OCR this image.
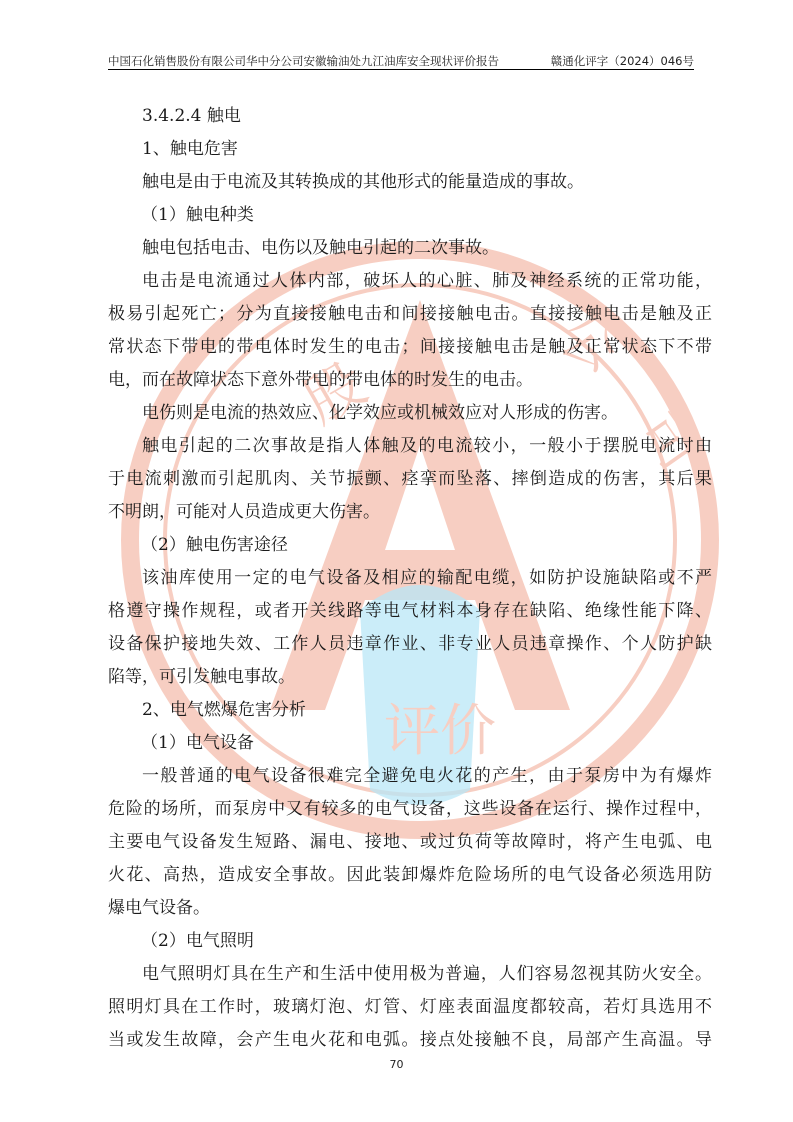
中国石化销售股份有限公司华中分公司安徽输油处九江油库安全现状评价报告	赣通化评字（2024）046号
股
公
司
评价
3.4.2.4 触电
1、触电危害
触电是由于电流及其转换成的其他形式的能量造成的事故。
（1）触电种类
触电包括电击、电伤以及触电引起的二次事故。
电击是电流通过人体内部，破坏人的心脏、肺及神经系统的正常功能，
极易引起死亡；分为直接接触电击和间接接触电击。直接接触电击是触及正
常状态下带电的带电体时发生的电击；间接接触电击是触及正常状态下不带
电，而在故障状态下意外带电的带电体的时发生的电击。
电伤则是电流的热效应、化学效应或机械效应对人形成的伤害。
触电引起的二次事故是指人体触及的电流较小，一般小于摆脱电流时由
于电流刺激而引起肌肉、关节振颤、痉挛而坠落、摔倒造成的伤害，其后果
不明朗，可能对人员造成更大伤害。
（2）触电伤害途径
该油库使用一定的电气设备及相应的输配电缆，如防护设施缺陷或不严
格遵守操作规程，或者开关线路等电气材料本身存在缺陷、绝缘性能下降、
设备保护接地失效、工作人员违章作业、非专业人员违章操作、个人防护缺
陷等，可引发触电事故。
2、电气燃爆危害分析
（1）电气设备
一般普通的电气设备很难完全避免电火花的产生，由于泵房中为有爆炸
危险的场所，而泵房中又有较多的电气设备，这些设备在运行、操作过程中，
主要电气设备发生短路、漏电、接地、或过负荷等故障时，将产生电弧、电
火花、高热，造成安全事故。因此装卸爆炸危险场所的电气设备必须选用防
爆电气设备。
（2）电气照明
电气照明灯具在生产和生活中使用极为普遍，人们容易忽视其防火安全。
照明灯具在工作时，玻璃灯泡、灯管、灯座表面温度都较高，若灯具选用不
当或发生故障，会产生电火花和电弧。接点处接触不良，局部产生高温。导
70
